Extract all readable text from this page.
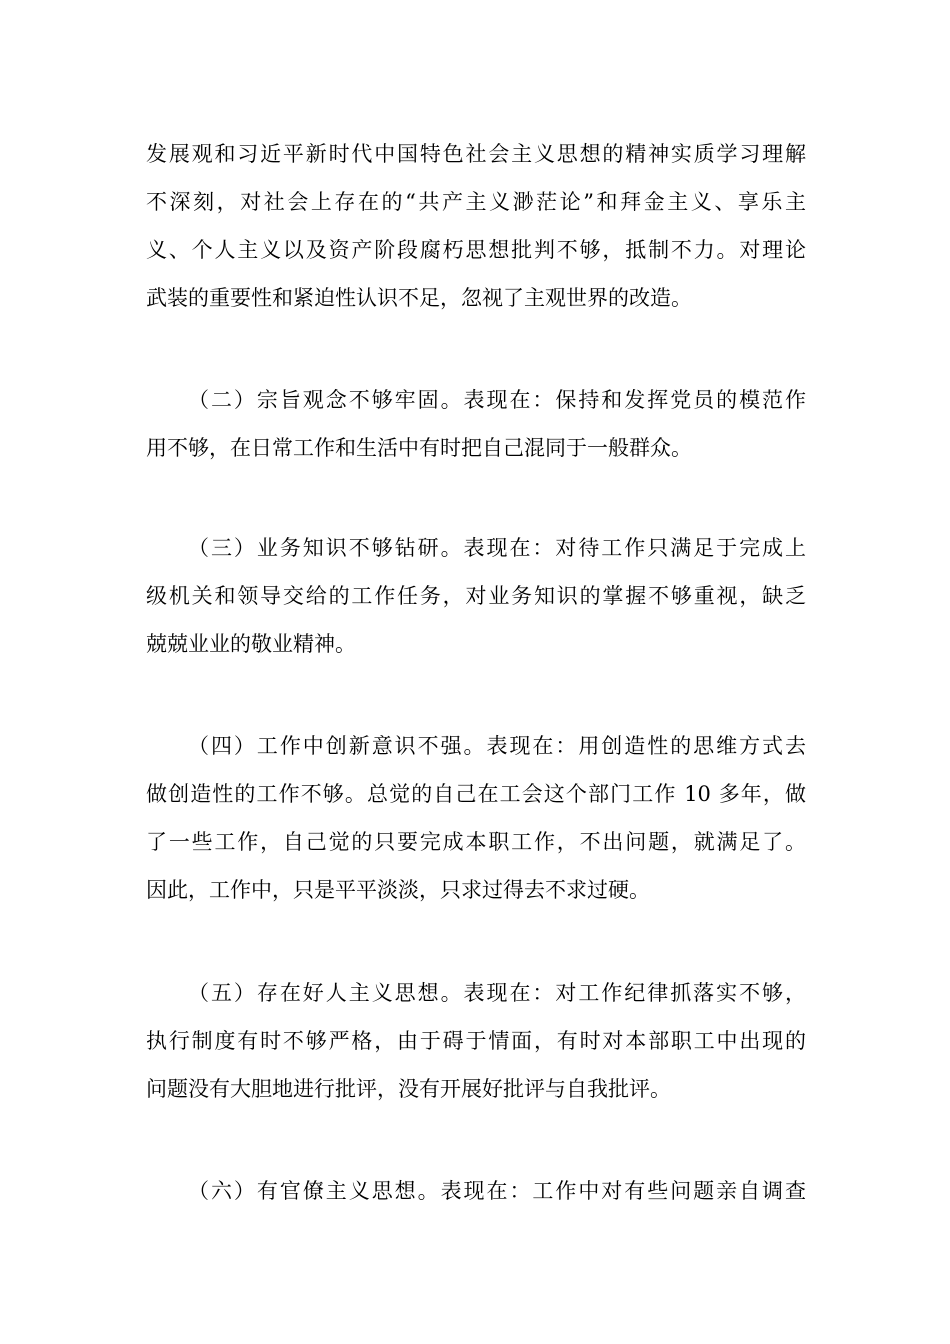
发展观和习近平新时代中国特色社会主义思想的精神实质学习理解
不深刻，对社会上存在的“共产主义渺茫论”和拜金主义、享乐主
义、个人主义以及资产阶段腐朽思想批判不够，抵制不力。对理论
武装的重要性和紧迫性认识不足，忽视了主观世界的改造。
（二）宗旨观念不够牢固。表现在：保持和发挥党员的模范作
用不够，在日常工作和生活中有时把自己混同于一般群众。
（三）业务知识不够钻研。表现在：对待工作只满足于完成上
级机关和领导交给的工作任务，对业务知识的掌握不够重视，缺乏
兢兢业业的敬业精神。
（四）工作中创新意识不强。表现在：用创造性的思维方式去
做创造性的工作不够。总觉的自己在工会这个部门工作 10 多年，做
了一些工作，自己觉的只要完成本职工作，不出问题，就满足了。
因此，工作中，只是平平淡淡，只求过得去不求过硬。
（五）存在好人主义思想。表现在：对工作纪律抓落实不够，
执行制度有时不够严格，由于碍于情面，有时对本部职工中出现的
问题没有大胆地进行批评，没有开展好批评与自我批评。
（六）有官僚主义思想。表现在：工作中对有些问题亲自调查
